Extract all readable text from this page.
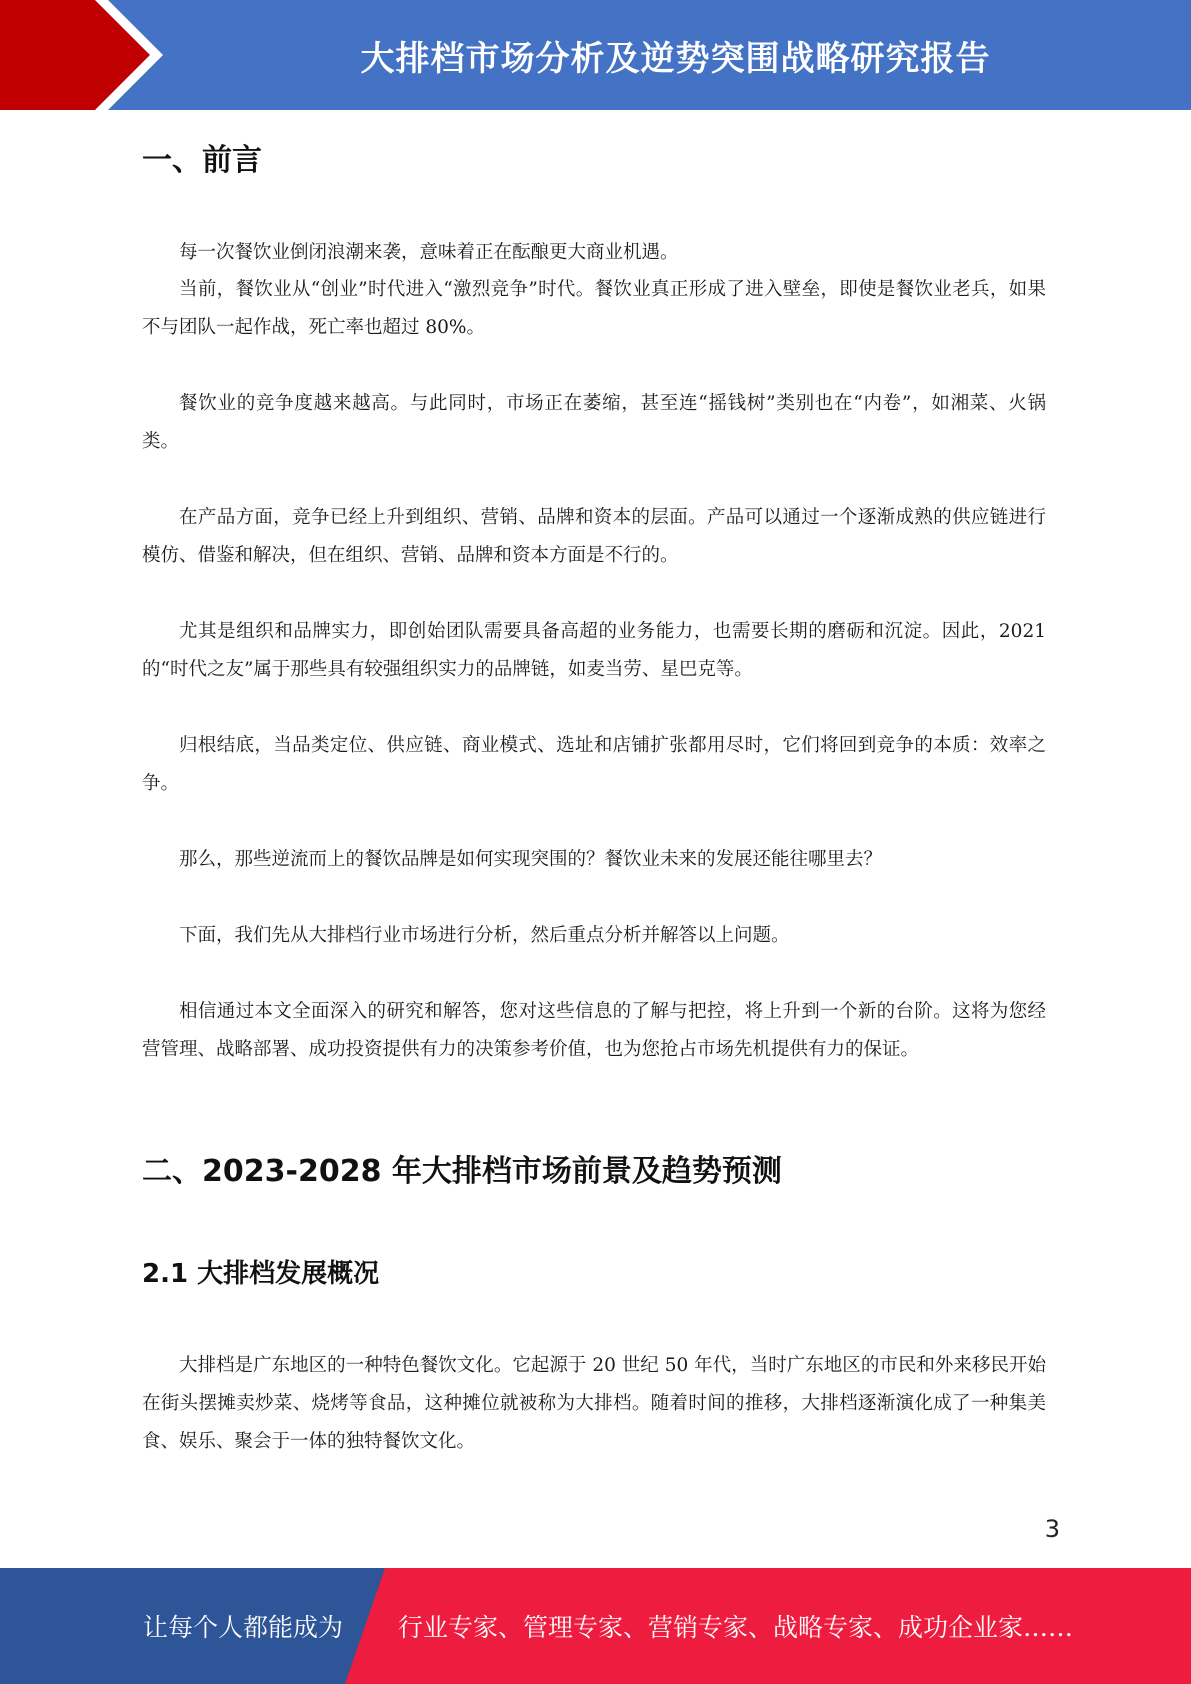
大排档市场分析及逆势突围战略研究报告
一、前言

每一次餐饮业倒闭浪潮来袭，意味着正在酝酿更大商业机遇。

当前，餐饮业从“创业”时代进入“激烈竞争”时代。餐饮业真正形成了进入壁垒，即使是餐饮业老兵，如果不与团队一起作战，死亡率也超过 80%。

餐饮业的竞争度越来越高。与此同时，市场正在萎缩，甚至连“摇钱树”类别也在“内卷”，如湘菜、火锅类。

在产品方面，竞争已经上升到组织、营销、品牌和资本的层面。产品可以通过一个逐渐成熟的供应链进行模仿、借鉴和解决，但在组织、营销、品牌和资本方面是不行的。

尤其是组织和品牌实力，即创始团队需要具备高超的业务能力，也需要长期的磨砺和沉淀。因此，2021 的“时代之友”属于那些具有较强组织实力的品牌链，如麦当劳、星巴克等。

归根结底，当品类定位、供应链、商业模式、选址和店铺扩张都用尽时，它们将回到竞争的本质：效率之争。

那么，那些逆流而上的餐饮品牌是如何实现突围的？餐饮业未来的发展还能往哪里去？

下面，我们先从大排档行业市场进行分析，然后重点分析并解答以上问题。

相信通过本文全面深入的研究和解答，您对这些信息的了解与把控，将上升到一个新的台阶。这将为您经营管理、战略部署、成功投资提供有力的决策参考价值，也为您抢占市场先机提供有力的保证。

二、2023-2028 年大排档市场前景及趋势预测
2.1 大排档发展概况

大排档是广东地区的一种特色餐饮文化。它起源于 20 世纪 50 年代，当时广东地区的市民和外来移民开始在街头摆摊卖炒菜、烧烤等食品，这种摊位就被称为大排档。随着时间的推移，大排档逐渐演化成了一种集美食、娱乐、聚会于一体的独特餐饮文化。

3
让每个人都能成为 行业专家、管理专家、营销专家、战略专家、成功企业家……
